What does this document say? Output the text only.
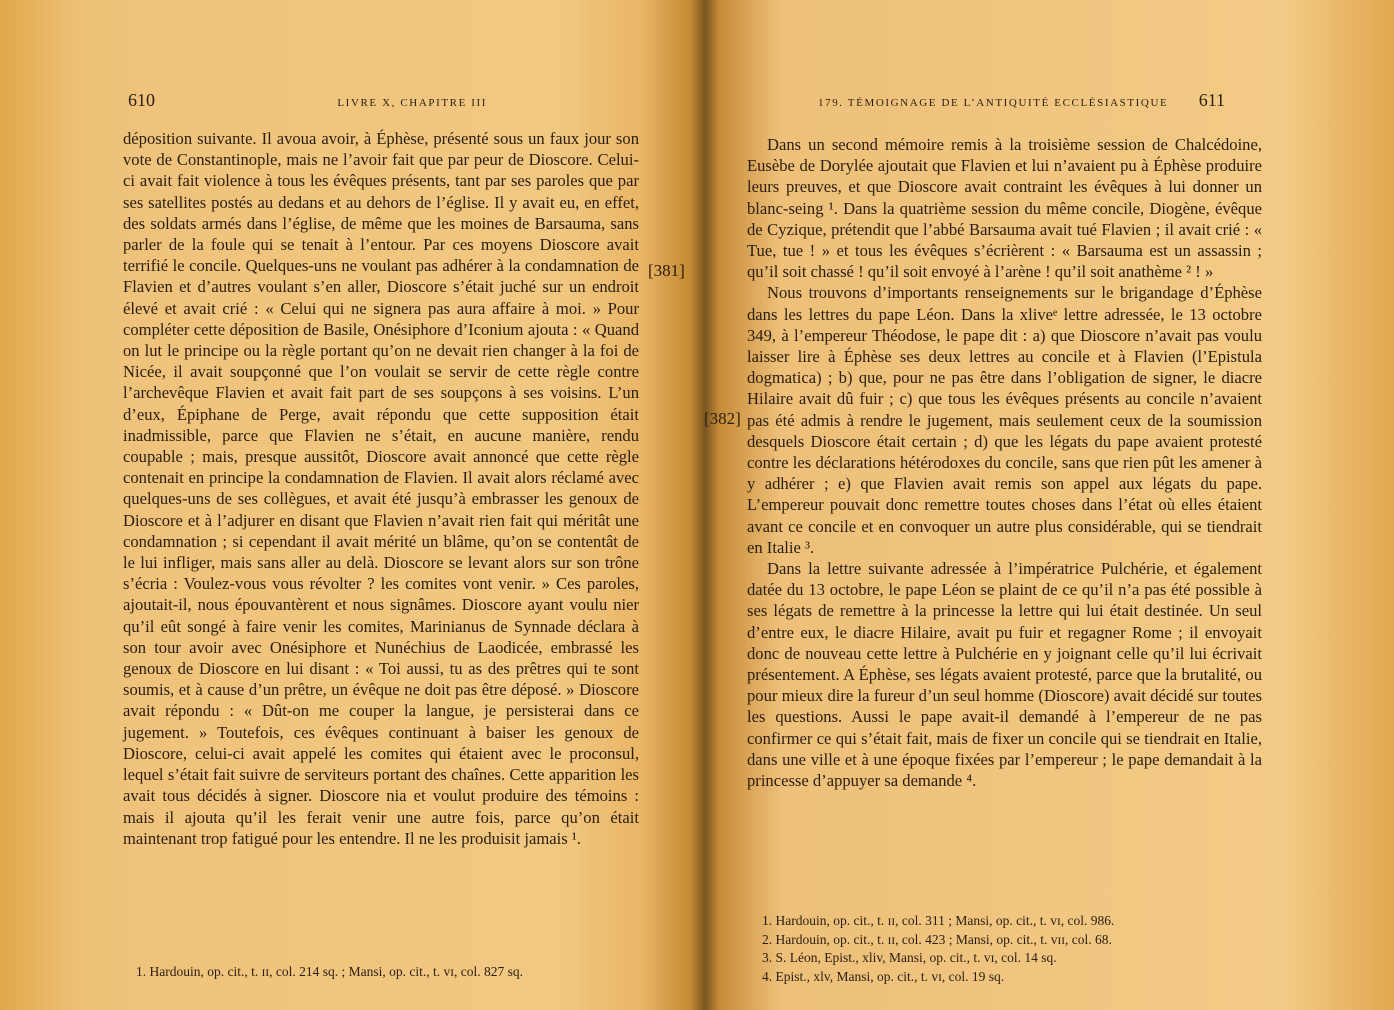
610	LIVRE X, CHAPITRE III

déposition suivante. Il avoua avoir, à Éphèse, présenté sous un faux jour son vote de Constantinople, mais ne l’avoir fait que par peur de Dioscore. Celui-ci avait fait violence à tous les évêques présents, tant par ses paroles que par ses satellites postés au dedans et au dehors de l’église. Il y avait eu, en effet, des soldats armés dans l’église, de même que les moines de Barsauma, sans parler de la foule qui se tenait à l’entour. Par ces moyens Dioscore avait terrifié le concile. Quelques-uns ne voulant pas adhérer à la condamnation de Flavien et d’autres voulant s’en aller, Dioscore s’était juché sur un endroit élevé et avait crié : « Celui qui ne signera pas aura affaire à moi. » Pour compléter cette déposition de Basile, Onésiphore d’Iconium ajouta : « Quand on lut le principe ou la règle portant qu’on ne devait rien changer à la foi de Nicée, il avait soupçonné que l’on voulait se servir de cette règle contre l’archevêque Flavien et avait fait part de ses soupçons à ses voisins. L’un d’eux, Épiphane de Perge, avait répondu que cette supposition était inadmissible, parce que Flavien ne s’était, en aucune manière, rendu coupable ; mais, presque aussitôt, Dioscore avait annoncé que cette règle contenait en principe la condamnation de Flavien. Il avait alors réclamé avec quelques-uns de ses collègues, et avait été jusqu’à embrasser les genoux de Dioscore et à l’adjurer en disant que Flavien n’avait rien fait qui méritât une condamnation ; si cependant il avait mérité un blâme, qu’on se contentât de le lui infliger, mais sans aller au delà. Dioscore se levant alors sur son trône s’écria : Voulez-vous vous révolter ? les comites vont venir. » Ces paroles, ajoutait-il, nous épouvantèrent et nous signâmes. Dioscore ayant voulu nier qu’il eût songé à faire venir les comites, Marinianus de Synnade déclara à son tour avoir avec Onésiphore et Nunéchius de Laodicée, embrassé les genoux de Dioscore en lui disant : « Toi aussi, tu as des prêtres qui te sont soumis, et à cause d’un prêtre, un évêque ne doit pas être déposé. » Dioscore avait répondu : « Dût-on me couper la langue, je persisterai dans ce jugement. » Toutefois, ces évêques continuant à baiser les genoux de Dioscore, celui-ci avait appelé les comites qui étaient avec le proconsul, lequel s’était fait suivre de serviteurs portant des chaînes. Cette apparition les avait tous décidés à signer. Dioscore nia et voulut produire des témoins : mais il ajouta qu’il les ferait venir une autre fois, parce qu’on était maintenant trop fatigué pour les entendre. Il ne les produisit jamais ¹.

[381]
1. Hardouin, op. cit., t. ɪɪ, col. 214 sq. ; Mansi, op. cit., t. ᴠɪ, col. 827 sq.
179. TÉMOIGNAGE DE L’ANTIQUITÉ ECCLÉSIASTIQUE 611

Dans un second mémoire remis à la troisième session de Chalcédoine, Eusèbe de Dorylée ajoutait que Flavien et lui n’avaient pu à Éphèse produire leurs preuves, et que Dioscore avait contraint les évêques à lui donner un blanc-seing ¹. Dans la quatrième session du même concile, Diogène, évêque de Cyzique, prétendit que l’abbé Barsauma avait tué Flavien ; il avait crié : « Tue, tue ! » et tous les évêques s’écrièrent : « Barsauma est un assassin ; qu’il soit chassé ! qu’il soit envoyé à l’arène ! qu’il soit anathème ² ! »

Nous trouvons d’importants renseignements sur le brigandage d’Éphèse dans les lettres du pape Léon. Dans la xliveᵉ lettre adressée, le 13 octobre 349, à l’empereur Théodose, le pape dit : a) que Dioscore n’avait pas voulu laisser lire à Éphèse ses deux lettres au concile et à Flavien (l’Epistula dogmatica) ; b) que, pour ne pas être dans l’obligation de signer, le diacre Hilaire avait dû fuir ; c) que tous les évêques présents au concile n’avaient pas été admis à rendre le jugement, mais seulement ceux de la soumission desquels Dioscore était certain ; d) que les légats du pape avaient protesté contre les déclarations hétérodoxes du concile, sans que rien pût les amener à y adhérer ; e) que Flavien avait remis son appel aux légats du pape. L’empereur pouvait donc remettre toutes choses dans l’état où elles étaient avant ce concile et en convoquer un autre plus considérable, qui se tiendrait en Italie ³.

Dans la lettre suivante adressée à l’impératrice Pulchérie, et également datée du 13 octobre, le pape Léon se plaint de ce qu’il n’a pas été possible à ses légats de remettre à la princesse la lettre qui lui était destinée. Un seul d’entre eux, le diacre Hilaire, avait pu fuir et regagner Rome ; il envoyait donc de nouveau cette lettre à Pulchérie en y joignant celle qu’il lui écrivait présentement. A Éphèse, ses légats avaient protesté, parce que la brutalité, ou pour mieux dire la fureur d’un seul homme (Dioscore) avait décidé sur toutes les questions. Aussi le pape avait-il demandé à l’empereur de ne pas confirmer ce qui s’était fait, mais de fixer un concile qui se tiendrait en Italie, dans une ville et à une époque fixées par l’empereur ; le pape demandait à la princesse d’appuyer sa demande ⁴.

[382]
1. Hardouin, op. cit., t. ɪɪ, col. 311 ; Mansi, op. cit., t. ᴠɪ, col. 986.
2. Hardouin, op. cit., t. ɪɪ, col. 423 ; Mansi, op. cit., t. ᴠɪɪ, col. 68.
3. S. Léon, Epist., xliv, Mansi, op. cit., t. ᴠɪ, col. 14 sq.
4. Epist., xlv, Mansi, op. cit., t. ᴠɪ, col. 19 sq.
